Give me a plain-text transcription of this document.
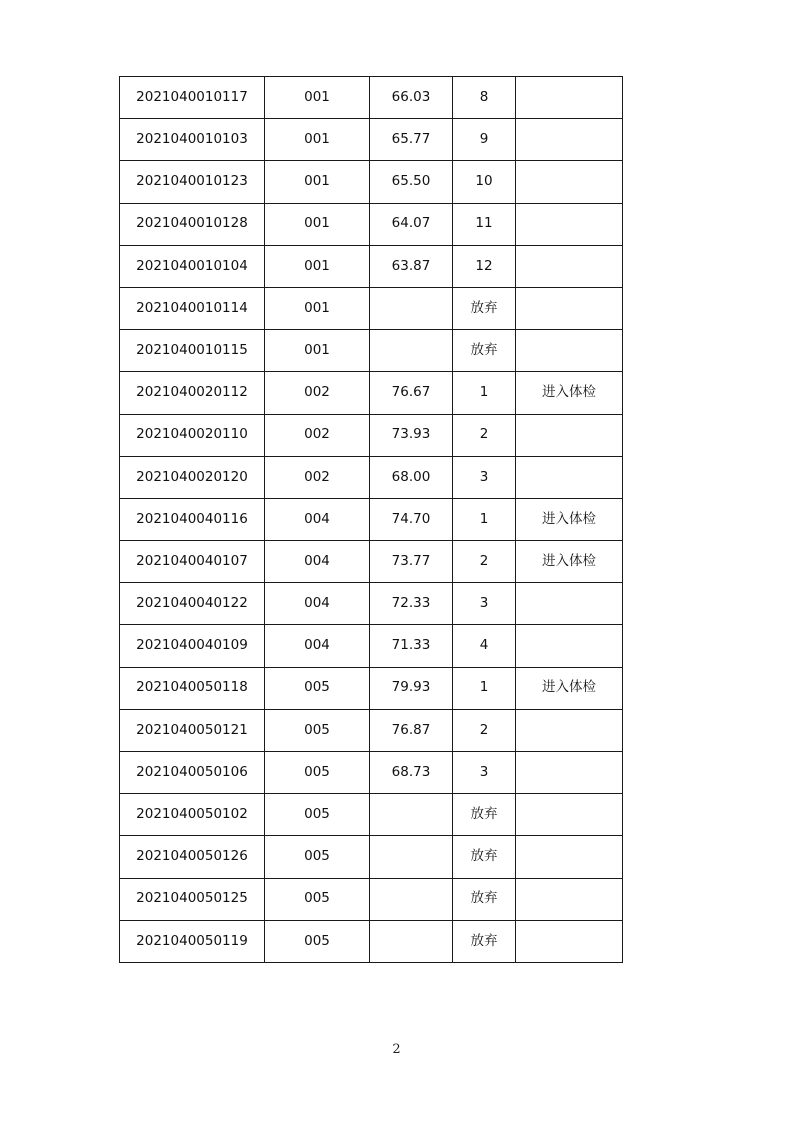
2021040010117	001	66.03	8	
2021040010103	001	65.77	9	
2021040010123	001	65.50	10	
2021040010128	001	64.07	11	
2021040010104	001	63.87	12	
2021040010114	001		放弃	
2021040010115	001		放弃	
2021040020112	002	76.67	1	进入体检
2021040020110	002	73.93	2	
2021040020120	002	68.00	3	
2021040040116	004	74.70	1	进入体检
2021040040107	004	73.77	2	进入体检
2021040040122	004	72.33	3	
2021040040109	004	71.33	4	
2021040050118	005	79.93	1	进入体检
2021040050121	005	76.87	2	
2021040050106	005	68.73	3	
2021040050102	005		放弃	
2021040050126	005		放弃	
2021040050125	005		放弃	
2021040050119	005		放弃	
2
